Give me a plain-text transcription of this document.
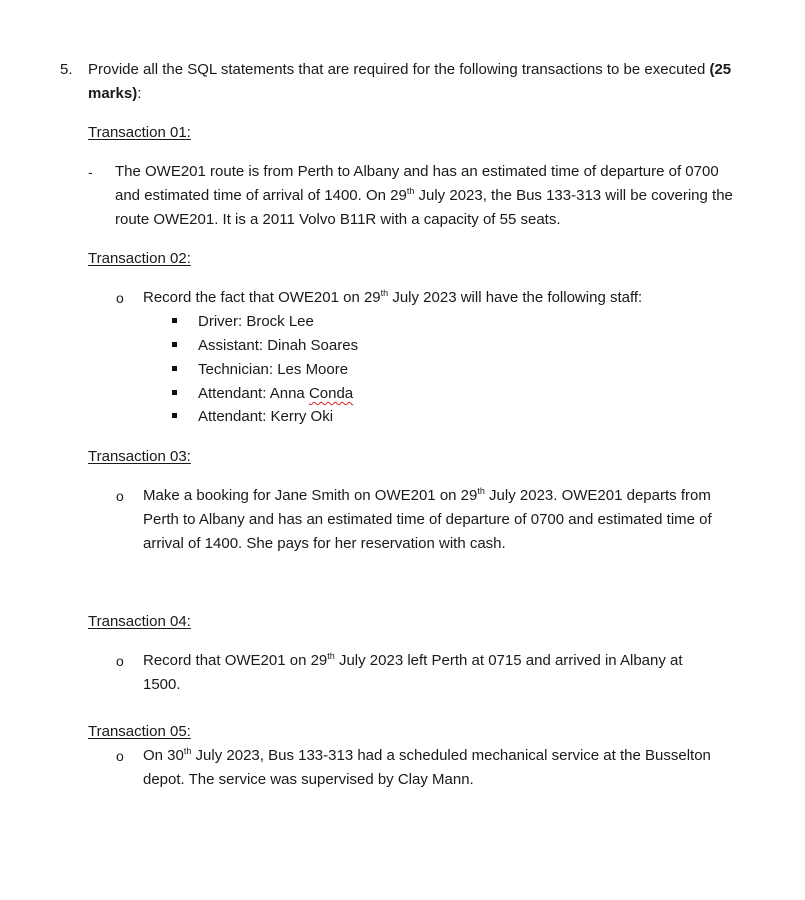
5. Provide all the SQL statements that are required for the following transactions to be executed (25 marks):
Transaction 01:
- The OWE201 route is from Perth to Albany and has an estimated time of departure of 0700 and estimated time of arrival of 1400. On 29th July 2023, the Bus 133-313 will be covering the route OWE201. It is a 2011 Volvo B11R with a capacity of 55 seats.
Transaction 02:
o Record the fact that OWE201 on 29th July 2023 will have the following staff:
Driver: Brock Lee
Assistant: Dinah Soares
Technician: Les Moore
Attendant: Anna Conda
Attendant: Kerry Oki
Transaction 03:
o Make a booking for Jane Smith on OWE201 on 29th July 2023. OWE201 departs from Perth to Albany and has an estimated time of departure of 0700 and estimated time of arrival of 1400. She pays for her reservation with cash.
Transaction 04:
o Record that OWE201 on 29th July 2023 left Perth at 0715 and arrived in Albany at 1500.
Transaction 05:
o On 30th July 2023, Bus 133-313 had a scheduled mechanical service at the Busselton depot. The service was supervised by Clay Mann.
